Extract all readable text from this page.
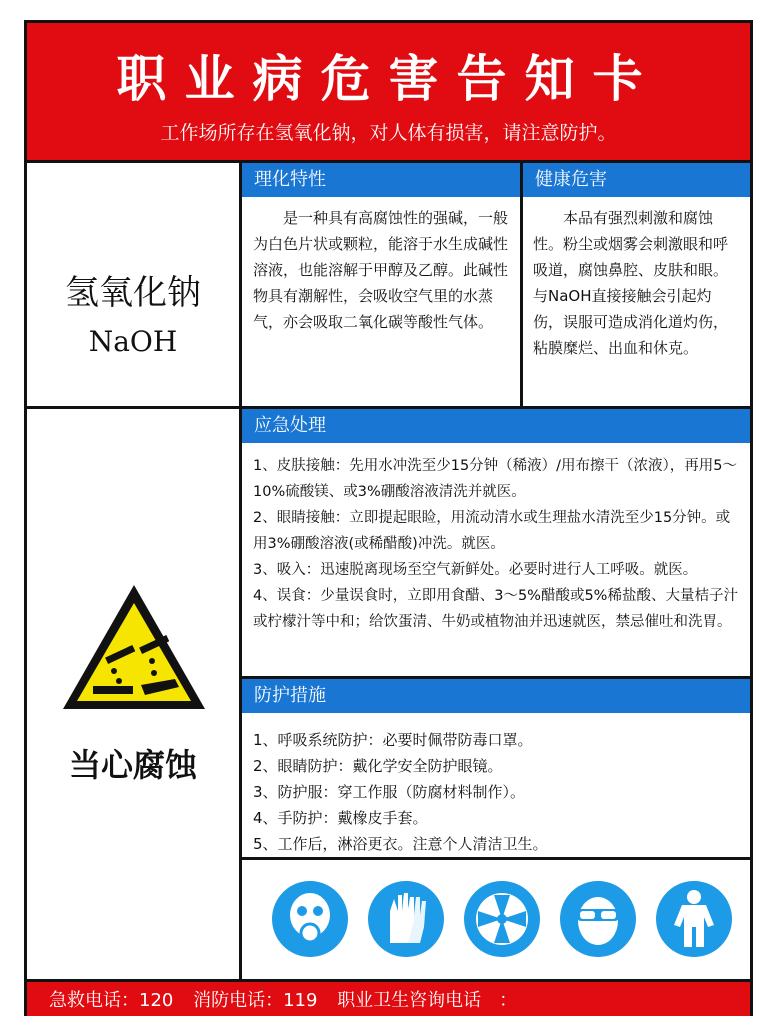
职业病危害告知卡
工作场所存在氢氧化钠，对人体有损害，请注意防护。
氢氧化钠
NaOH
当心腐蚀
理化特性
是一种具有高腐蚀性的强碱，一般为白色片状或颗粒，能溶于水生成碱性溶液，也能溶解于甲醇及乙醇。此碱性物具有潮解性，会吸收空气里的水蒸气，亦会吸取二氧化碳等酸性气体。
健康危害
本品有强烈刺激和腐蚀性。粉尘或烟雾会刺激眼和呼吸道，腐蚀鼻腔、皮肤和眼。与NaOH直接接触会引起灼伤，误服可造成消化道灼伤，粘膜糜烂、出血和休克。
应急处理
1、皮肤接触：先用水冲洗至少15分钟（稀液）/用布擦干（浓液），再用5～10%硫酸镁、或3%硼酸溶液清洗并就医。
2、眼睛接触：立即提起眼睑，用流动清水或生理盐水清洗至少15分钟。或用3%硼酸溶液(或稀醋酸)冲洗。就医。
3、吸入：迅速脱离现场至空气新鲜处。必要时进行人工呼吸。就医。
4、误食：少量误食时，立即用食醋、3～5%醋酸或5%稀盐酸、大量桔子汁或柠檬汁等中和；给饮蛋清、牛奶或植物油并迅速就医，禁忌催吐和洗胃。
防护措施
1、呼吸系统防护：必要时佩带防毒口罩。
2、眼睛防护：戴化学安全防护眼镜。
3、防护服：穿工作服（防腐材料制作）。
4、手防护：戴橡皮手套。
5、工作后，淋浴更衣。注意个人清洁卫生。
急救电话：120 消防电话：119 职业卫生咨询电话　：
